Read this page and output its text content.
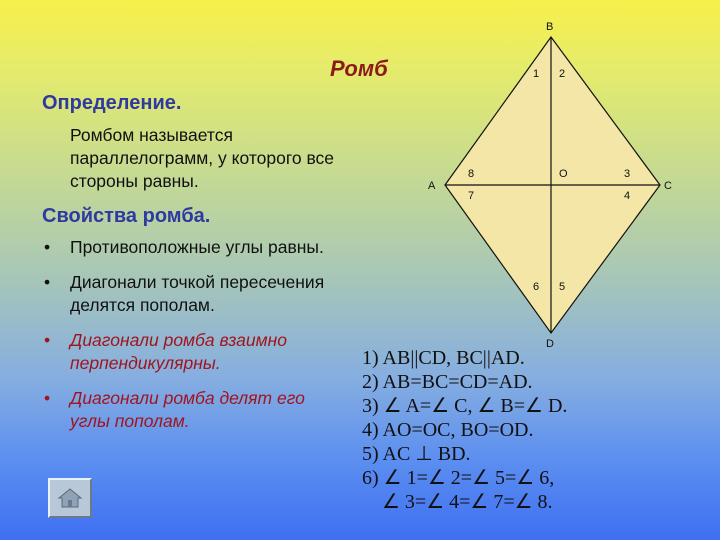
Ромб
Определение.
Ромбом называется параллелограмм, у которого все стороны равны.
Свойства ромба.
• Противоположные углы равны.
• Диагонали точкой пересечения делятся пополам.
• Диагонали ромба взаимно перпендикулярны.
• Диагонали ромба делят его углы пополам.
B
A	C
D
O
1 2
3
4
5
6
7
8
1) AB||CD, BC||AD.
2) AB=BC=CD=AD.
3) ∠ A=∠ C, ∠ B=∠ D.
4) AO=OC, BO=OD.
5) AC ⊥ BD.
6) ∠ 1=∠ 2=∠ 5=∠ 6,
∠ 3=∠ 4=∠ 7=∠ 8.
